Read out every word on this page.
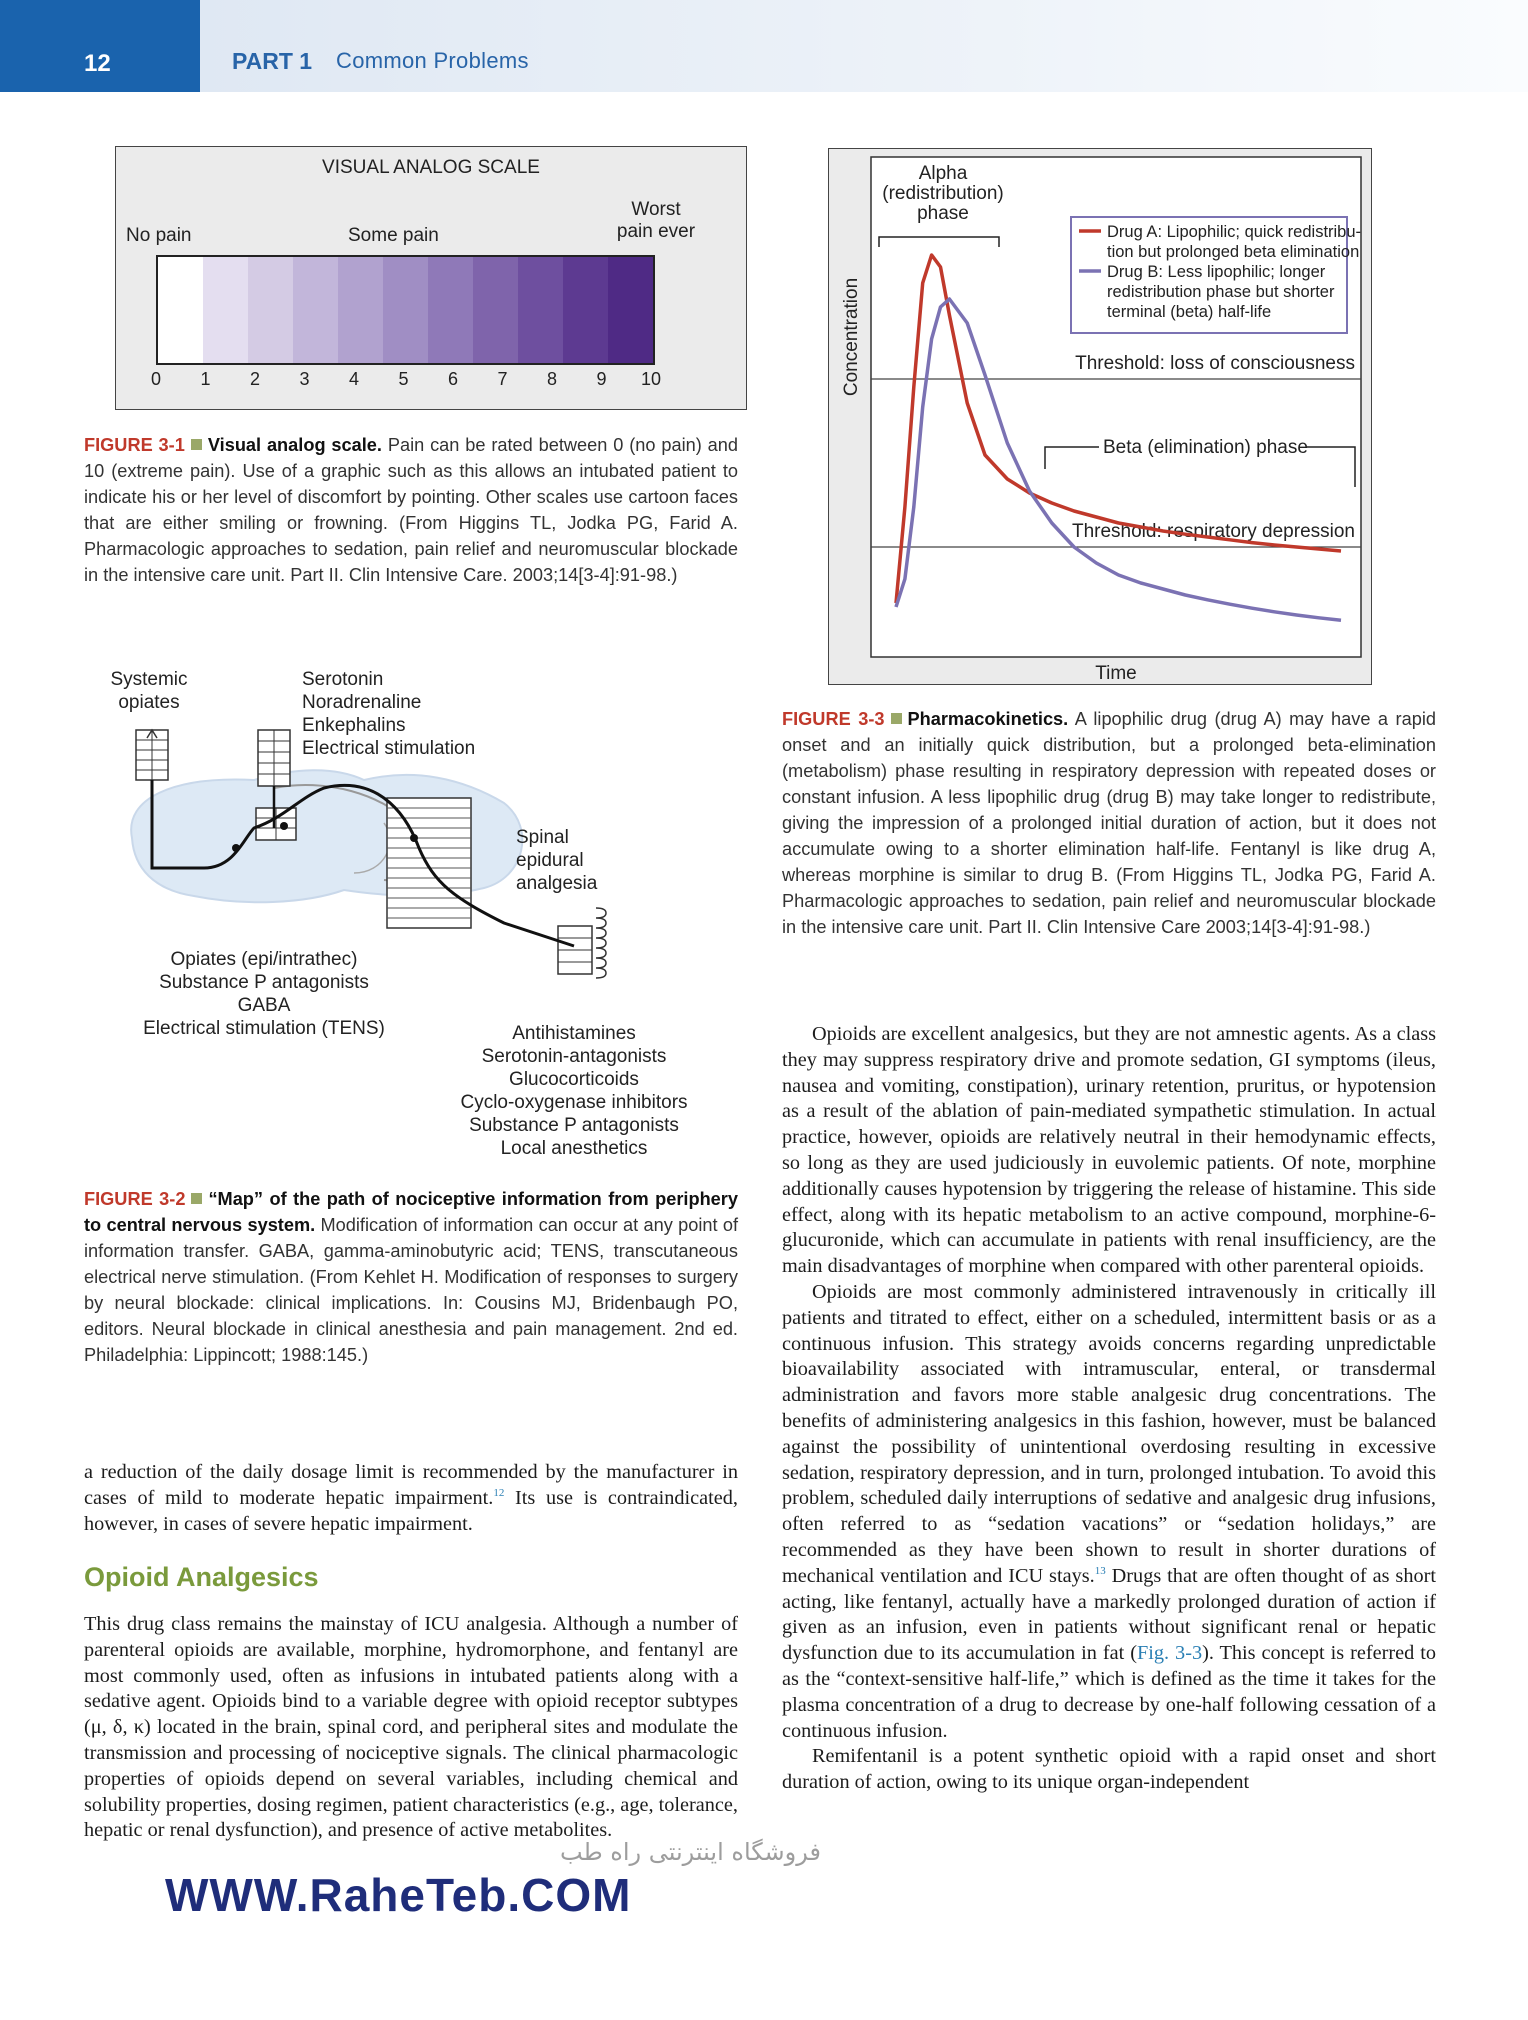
12	PART 1 Common Problems
VISUAL ANALOG SCALE
No pain	Some pain
Worst
pain ever
0	1	2	3	4	5	6	7	8	9	10
FIGURE 3-1 Visual analog scale. Pain can be rated between 0 (no pain) and 10 (extreme pain). Use of a graphic such as this allows an intubated patient to indicate his or her level of discomfort by pointing. Other scales use cartoon faces that are either smiling or frowning. (From Higgins TL, Jodka PG, Farid A. Pharmacologic approaches to sedation, pain relief and neuromuscular blockade in the intensive care unit. Part II. Clin Intensive Care. 2003;14[3-4]:91-98.)
Systemic
opiates
Serotonin
Noradrenaline
Enkephalins
Electrical stimulation
Spinal
epidural
analgesia
Opiates (epi/intrathec)
Substance P antagonists
GABA
Electrical stimulation (TENS)	Antihistamines
Serotonin-antagonists
Glucocorticoids
Cyclo-oxygenase inhibitors
Substance P antagonists
Local anesthetics
FIGURE 3-2 “Map” of the path of nociceptive information from periphery to central nervous system. Modification of information can occur at any point of information transfer. GABA, gamma-aminobutyric acid; TENS, transcutaneous electrical nerve stimulation. (From Kehlet H. Modification of responses to surgery by neural blockade: clinical implications. In: Cousins MJ, Bridenbaugh PO, editors. Neural blockade in clinical anesthesia and pain management. 2nd ed. Philadelphia: Lippincott; 1988:145.)

a reduction of the daily dosage limit is recommended by the manufacturer in cases of mild to moderate hepatic impairment.$^{12}$ Its use is contraindicated, however, in cases of severe hepatic impairment.

Opioid Analgesics

This drug class remains the mainstay of ICU analgesia. Although a number of parenteral opioids are available, morphine, hydromorphone, and fentanyl are most commonly used, often as infusions in intubated patients along with a sedative agent. Opioids bind to a variable degree with opioid receptor subtypes (μ, δ, κ) located in the brain, spinal cord, and peripheral sites and modulate the transmission and processing of nociceptive signals. The clinical pharmacologic properties of opioids depend on several variables, including chemical and solubility properties, dosing regimen, patient characteristics (e.g., age, tolerance, hepatic or renal dysfunction), and presence of active metabolites.

Threshold: loss of consciousness
Threshold: respiratory depression
Alpha
(redistribution)
phase
Beta (elimination) phase
Drug A: Lipophilic; quick redistribu-
tion but prolonged beta elimination
Drug B: Less lipophilic; longer
redistribution phase but shorter
terminal (beta) half-life
Time
Concentration
FIGURE 3-3 Pharmacokinetics. A lipophilic drug (drug A) may have a rapid onset and an initially quick distribution, but a prolonged beta-elimination (metabolism) phase resulting in respiratory depression with repeated doses or constant infusion. A less lipophilic drug (drug B) may take longer to redistribute, giving the impression of a prolonged initial duration of action, but it does not accumulate owing to a shorter elimination half-life. Fentanyl is like drug A, whereas morphine is similar to drug B. (From Higgins TL, Jodka PG, Farid A. Pharmacologic approaches to sedation, pain relief and neuromuscular blockade in the intensive care unit. Part II. Clin Intensive Care 2003;14[3-4]:91-98.)

Opioids are excellent analgesics, but they are not amnestic agents. As a class they may suppress respiratory drive and promote sedation, GI symptoms (ileus, nausea and vomiting, constipation), urinary retention, pruritus, or hypotension as a result of the ablation of pain-mediated sympathetic stimulation. In actual practice, however, opioids are relatively neutral in their hemodynamic effects, so long as they are used judiciously in euvolemic patients. Of note, morphine additionally causes hypotension by triggering the release of histamine. This side effect, along with its hepatic metabolism to an active compound, morphine-6-glucuronide, which can accumulate in patients with renal insufficiency, are the main disadvantages of morphine when compared with other parenteral opioids.

Opioids are most commonly administered intravenously in critically ill patients and titrated to effect, either on a scheduled, intermittent basis or as a continuous infusion. This strategy avoids concerns regarding unpredictable bioavailability associated with intramuscular, enteral, or transdermal administration and favors more stable analgesic drug concentrations. The benefits of administering analgesics in this fashion, however, must be balanced against the possibility of unintentional overdosing resulting in excessive sedation, respiratory depression, and in turn, prolonged intubation. To avoid this problem, scheduled daily interruptions of sedative and analgesic drug infusions, often referred to as “sedation vacations” or “sedation holidays,” are recommended as they have been shown to result in shorter durations of mechanical ventilation and ICU stays.$^{13}$ Drugs that are often thought of as short acting, like fentanyl, actually have a markedly prolonged duration of action if given as an infusion, even in patients without significant renal or hepatic dysfunction due to its accumulation in fat (Fig. 3-3). This concept is referred to as the “context-sensitive half-life,” which is defined as the time it takes for the plasma concentration of a drug to decrease by one-half following cessation of a continuous infusion.

Remifentanil is a potent synthetic opioid with a rapid onset and short duration of action, owing to its unique organ-independent

فروشگاه اینترنتی راه طب
WWW.RaheTeb.COM
